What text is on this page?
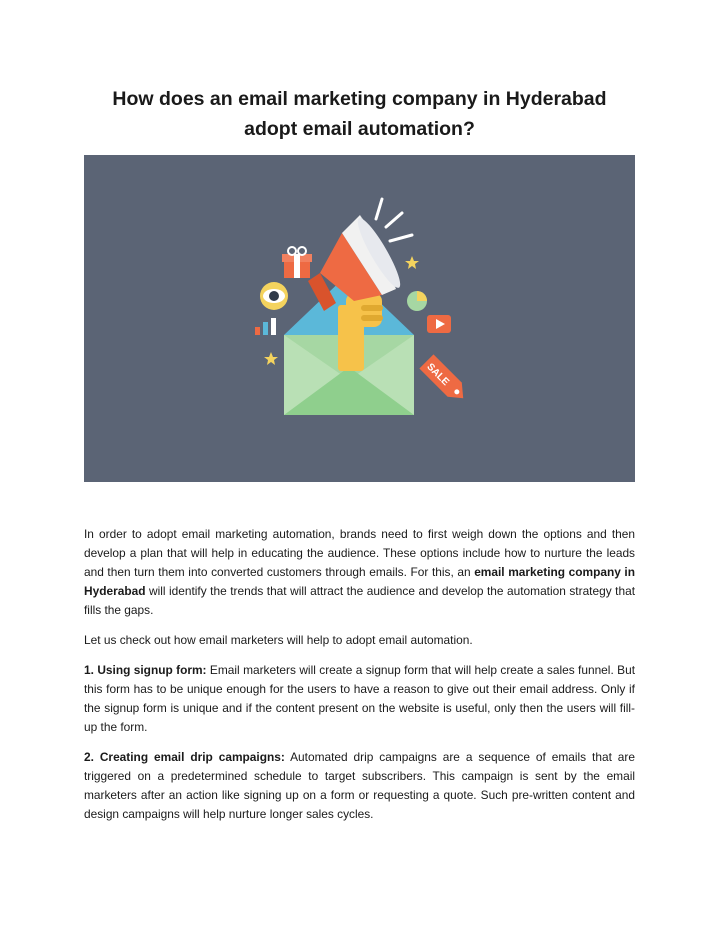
How does an email marketing company in Hyderabad adopt email automation?
SALE

In order to adopt email marketing automation, brands need to first weigh down the options and then develop a plan that will help in educating the audience. These options include how to nurture the leads and then turn them into converted customers through emails. For this, an email marketing company in Hyderabad will identify the trends that will attract the audience and develop the automation strategy that fills the gaps.

Let us check out how email marketers will help to adopt email automation.

1. Using signup form: Email marketers will create a signup form that will help create a sales funnel. But this form has to be unique enough for the users to have a reason to give out their email address. Only if the signup form is unique and if the content present on the website is useful, only then the users will fill-up the form.

2. Creating email drip campaigns: Automated drip campaigns are a sequence of emails that are triggered on a predetermined schedule to target subscribers. This campaign is sent by the email marketers after an action like signing up on a form or requesting a quote. Such pre-written content and design campaigns will help nurture longer sales cycles.
